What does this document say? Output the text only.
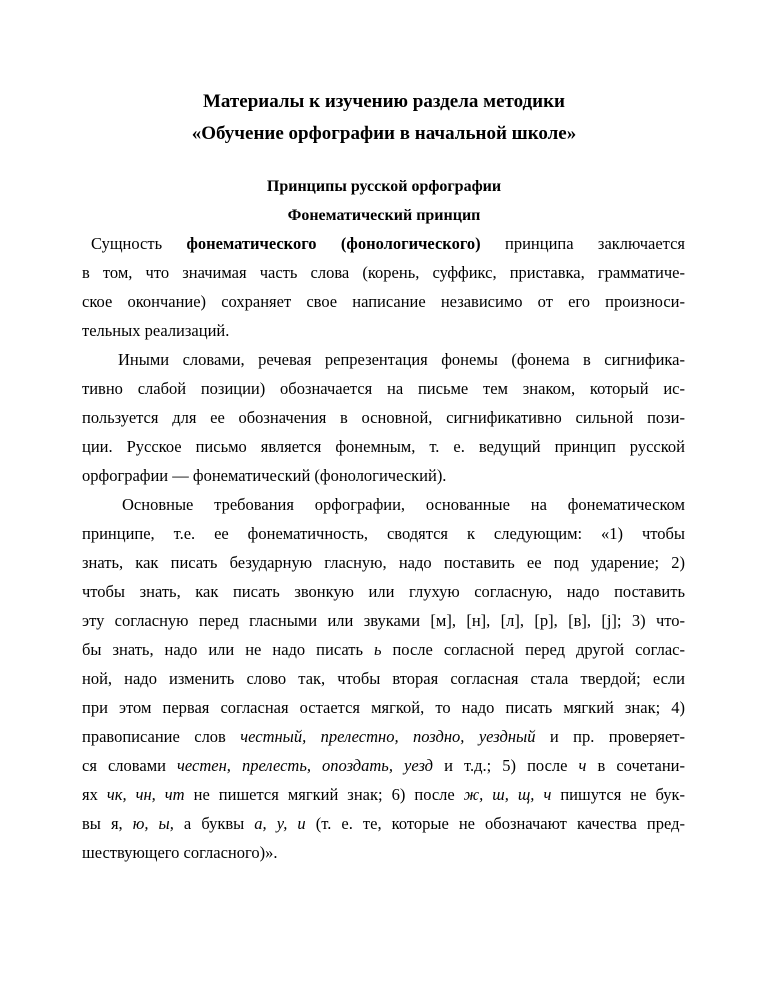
Материалы к изучению раздела методики

«Обучение орфографии в начальной школе»

Принципы русской орфографии

Фонематический принцип

Сущность фонематического (фонологического) принципа заключается
в том, что значимая часть слова (корень, суффикс, приставка, грамматиче-
ское окончание) сохраняет свое написание независимо от его произноси-
тельных реализаций.
Иными словами, речевая репрезентация фонемы (фонема в сигнифика-
тивно слабой позиции) обозначается на письме тем знаком, который ис-
пользуется для ее обозначения в основной, сигнификативно сильной пози-
ции. Русское письмо является фонемным, т. е. ведущий принцип русской
орфографии — фонематический (фонологический).
Основные требования орфографии, основанные на фонематическом
принципе, т.е. ее фонематичность, сводятся к следующим: «1) чтобы
знать, как писать безударную гласную, надо поставить ее под ударение; 2)
чтобы знать, как писать звонкую или глухую согласную, надо поставить
эту согласную перед гласными или звуками [м], [н], [л], [р], [в], [j]; 3) что-
бы знать, надо или не надо писать ь после согласной перед другой соглас-
ной, надо изменить слово так, чтобы вторая согласная стала твердой; если
при этом первая согласная остается мягкой, то надо писать мягкий знак; 4)
правописание слов честный, прелестно, поздно, уездный и пр. проверяет-
ся словами честен, прелесть, опоздать, уезд и т.д.; 5) после ч в сочетани-
ях чк, чн, чт не пишется мягкий знак; 6) после ж, ш, щ, ч пишутся не бук-
вы я, ю, ы, а буквы а, у, и (т. е. те, которые не обозначают качества пред-
шествующего согласного)».
